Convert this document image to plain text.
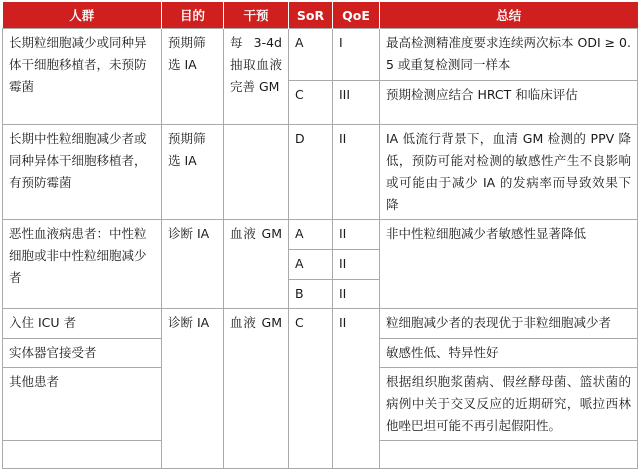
人群	目的	干预	SoR	QoE	总结
长期粒细胞减少或同种异体干细胞移植者，未预防霉菌	预期筛选 IA	每 3-4d 抽取血液完善 GM	A	I	最高检测精准度要求连续两次标本 ODI ≥ 0.5 或重复检测同一样本
			C	III	预期检测应结合 HRCT 和临床评估
长期中性粒细胞减少者或同种异体干细胞移植者，有预防霉菌	预期筛选 IA		D	II	IA 低流行背景下，血清 GM 检测的 PPV 降低，预防可能对检测的敏感性产生不良影响或可能由于减少 IA 的发病率而导致效果下降
恶性血液病患者：中性粒细胞或非中性粒细胞减少者	诊断 IA	血液 GM	A	II	非中性粒细胞减少者敏感性显著降低
			A	II	
			B	II	
入住 ICU 者	诊断 IA	血液 GM	C	II	粒细胞减少者的表现优于非粒细胞减少者
实体器官接受者					敏感性低、特异性好
其他患者					根据组织胞浆菌病、假丝酵母菌、篮状菌的病例中关于交叉反应的近期研究，哌拉西林他唑巴坦可能不再引起假阳性。
